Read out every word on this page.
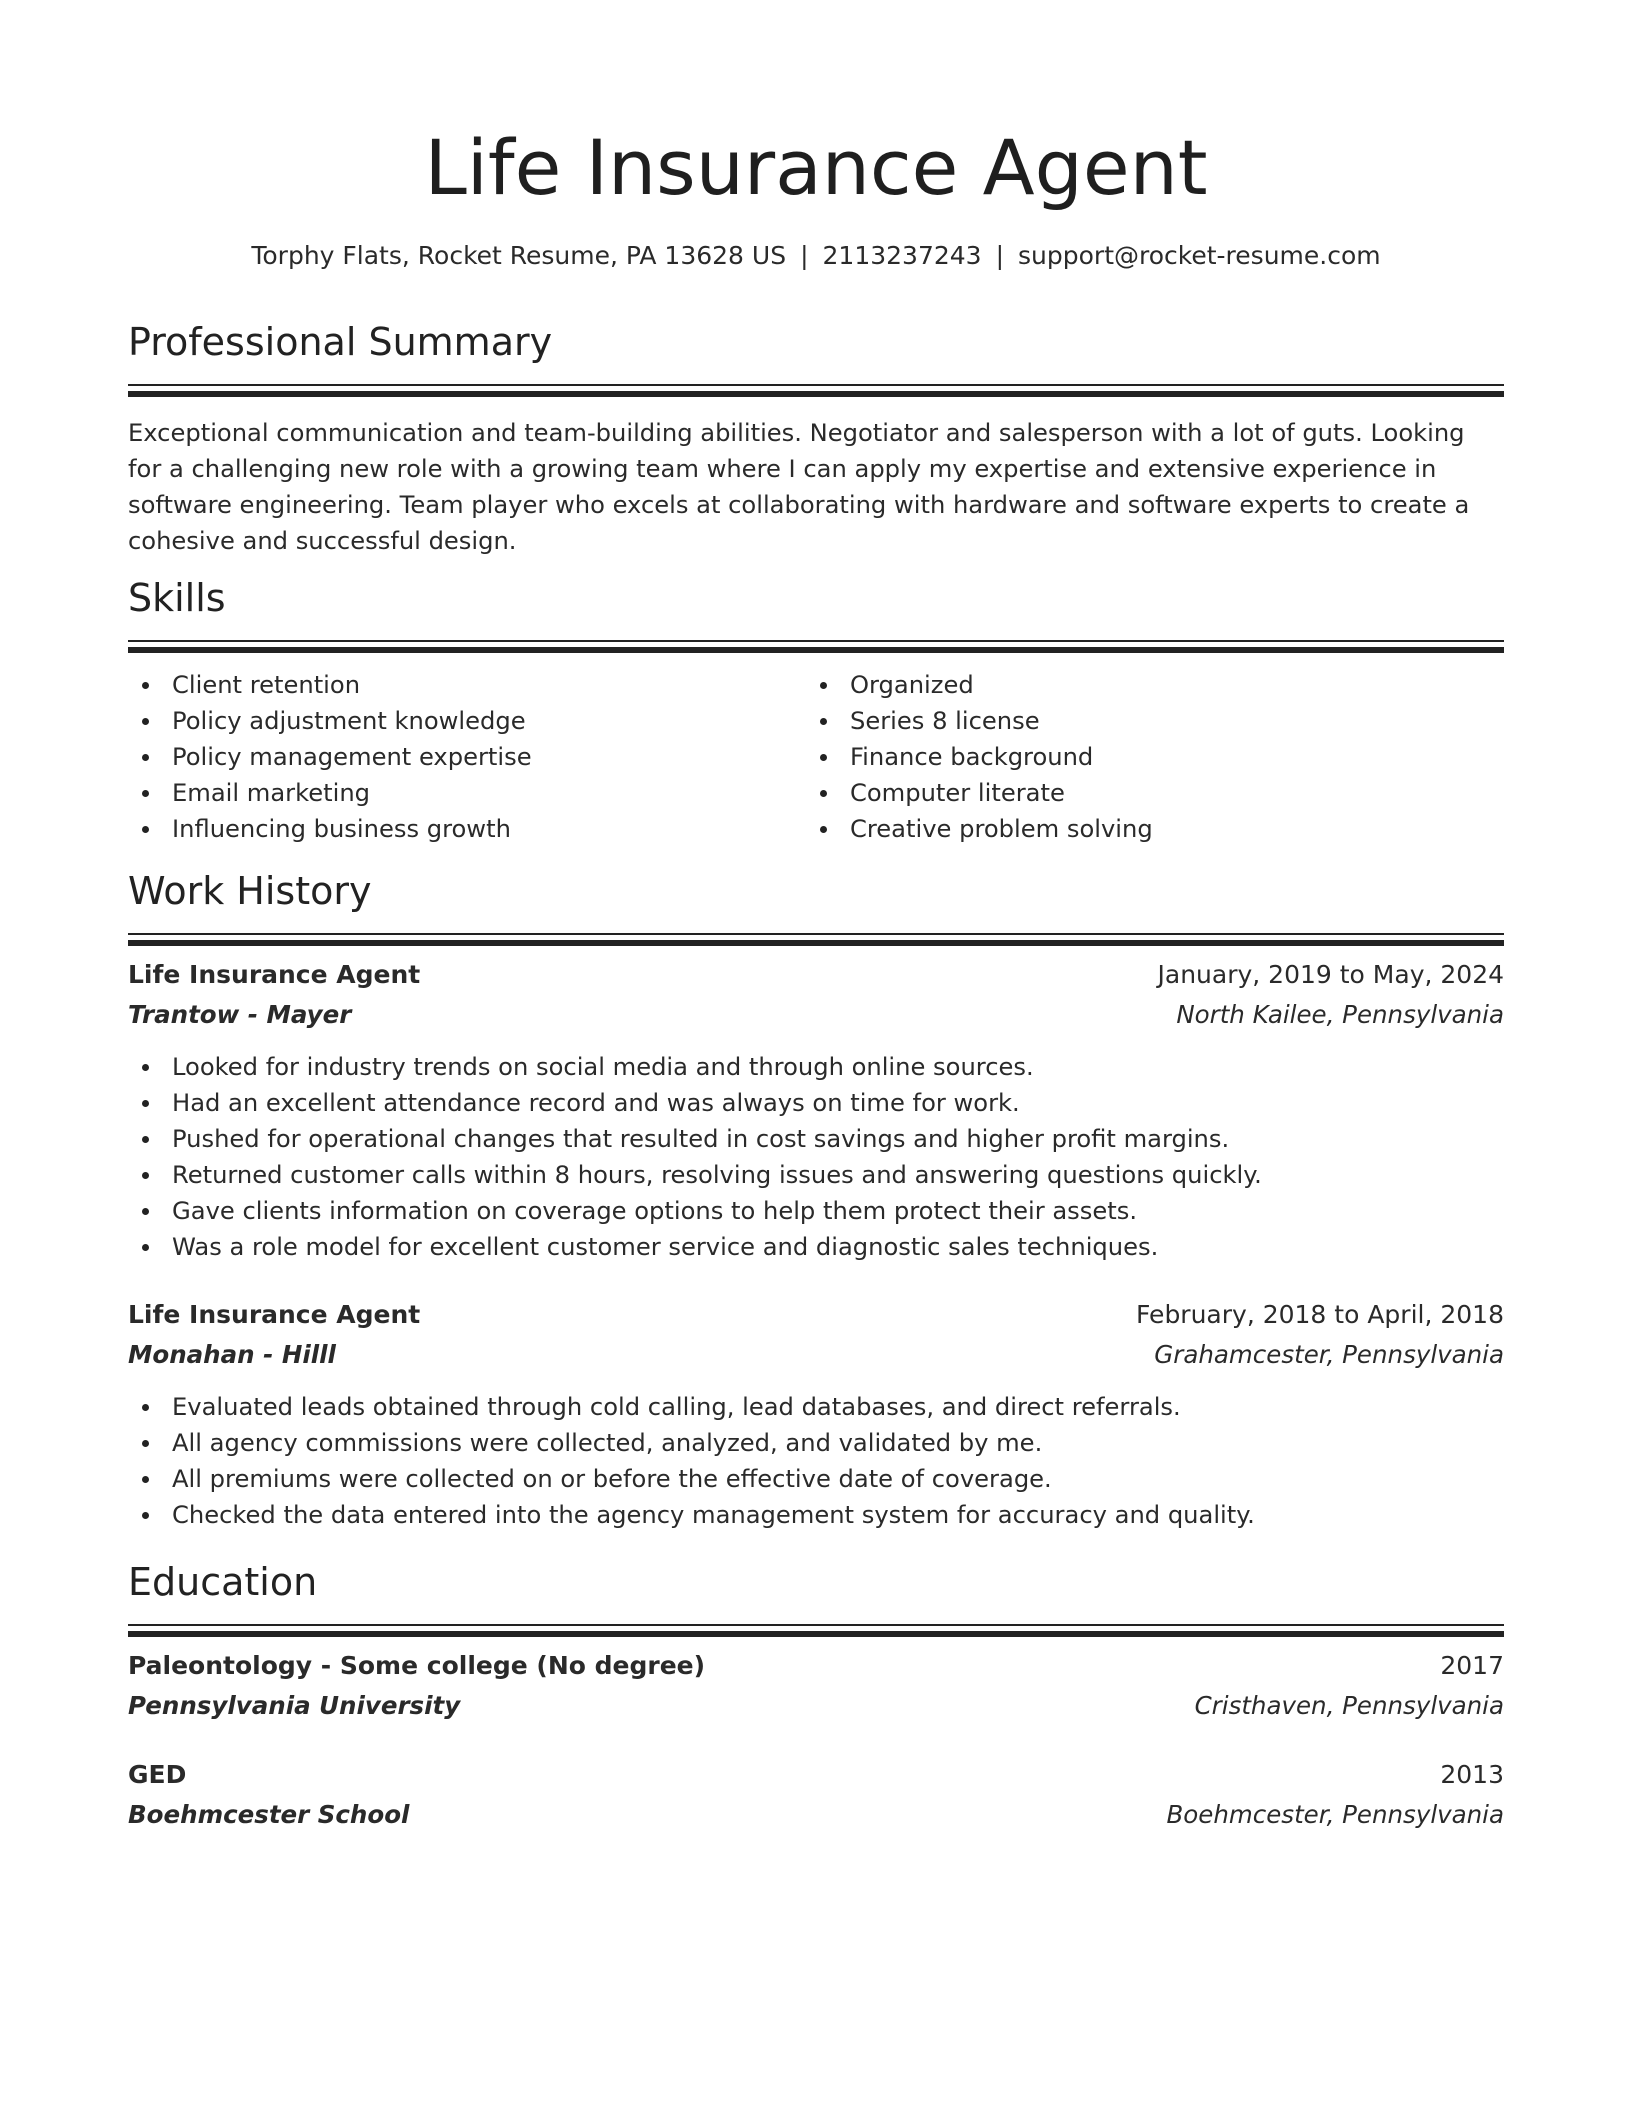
Life Insurance Agent
Torphy Flats, Rocket Resume, PA 13628 US | 2113237243 | support@rocket-resume.com
Professional Summary
Exceptional communication and team-building abilities. Negotiator and salesperson with a lot of guts. Looking for a challenging new role with a growing team where I can apply my expertise and extensive experience in software engineering. Team player who excels at collaborating with hardware and software experts to create a cohesive and successful design.
Skills
Client retention
Policy adjustment knowledge
Policy management expertise
Email marketing
Influencing business growth
Organized
Series 8 license
Finance background
Computer literate
Creative problem solving
Work History
Life Insurance Agent	January, 2019 to May, 2024
Trantow - Mayer	North Kailee, Pennsylvania
Looked for industry trends on social media and through online sources.
Had an excellent attendance record and was always on time for work.
Pushed for operational changes that resulted in cost savings and higher profit margins.
Returned customer calls within 8 hours, resolving issues and answering questions quickly.
Gave clients information on coverage options to help them protect their assets.
Was a role model for excellent customer service and diagnostic sales techniques.
Life Insurance Agent	February, 2018 to April, 2018
Monahan - Hilll	Grahamcester, Pennsylvania
Evaluated leads obtained through cold calling, lead databases, and direct referrals.
All agency commissions were collected, analyzed, and validated by me.
All premiums were collected on or before the effective date of coverage.
Checked the data entered into the agency management system for accuracy and quality.
Education
Paleontology - Some college (No degree)	2017
Pennsylvania University	Cristhaven, Pennsylvania
GED	2013
Boehmcester School	Boehmcester, Pennsylvania
